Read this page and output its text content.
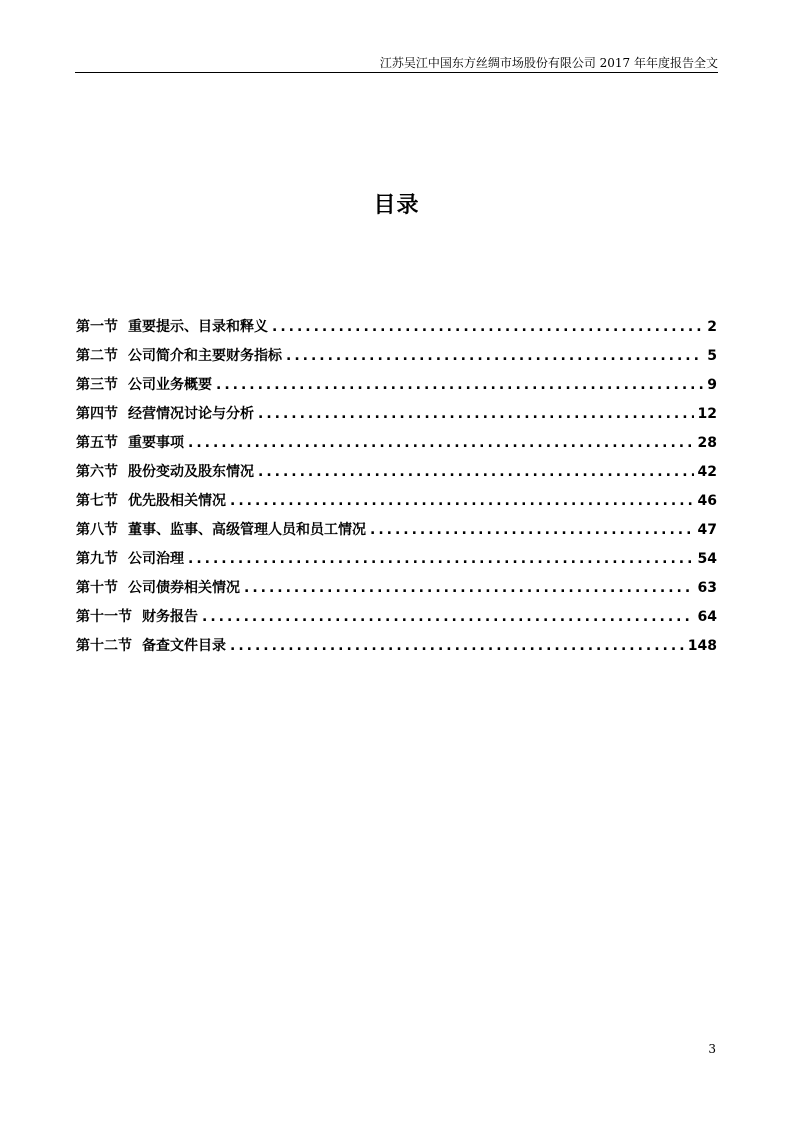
江苏吴江中国东方丝绸市场股份有限公司 2017 年年度报告全文
目录
第一节 重要提示、目录和释义 .....	2
第二节 公司简介和主要财务指标 .....	5
第三节 公司业务概要 .....	9
第四节 经营情况讨论与分析 .....	12
第五节 重要事项 .....	28
第六节 股份变动及股东情况 .....	42
第七节 优先股相关情况 .....	46
第八节 董事、监事、高级管理人员和员工情况 .....	47
第九节 公司治理 .....	54
第十节 公司债券相关情况 .....	63
第十一节 财务报告 .....	64
第十二节 备查文件目录 .....	148
3
